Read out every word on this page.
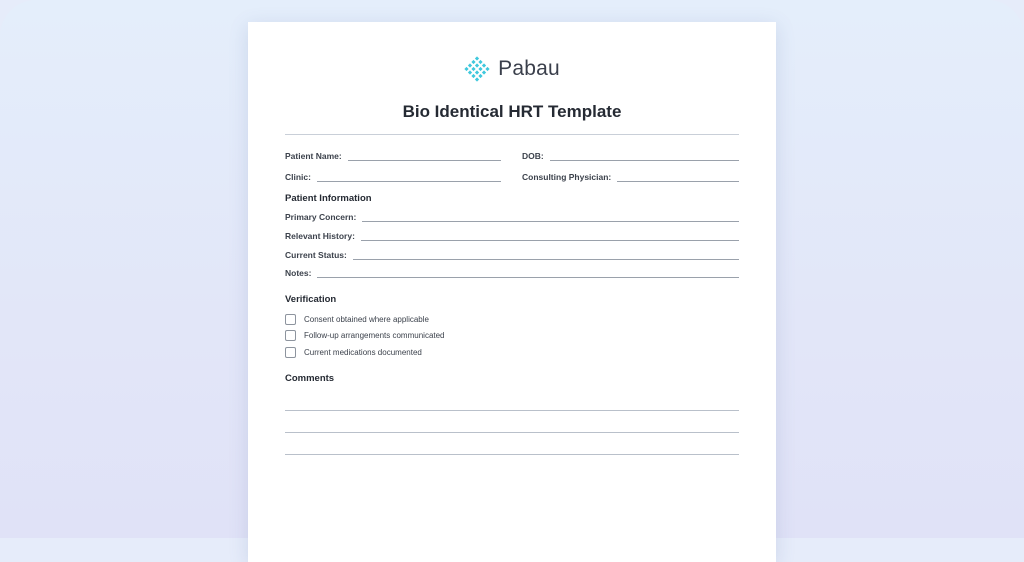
Pabau
Bio Identical HRT Template
Patient Name:	DOB:
Clinic:	Consulting Physician:
Patient Information
Primary Concern:
Relevant History:
Current Status:
Notes:
Verification
Consent obtained where applicable
Follow-up arrangements communicated
Current medications documented
Comments
